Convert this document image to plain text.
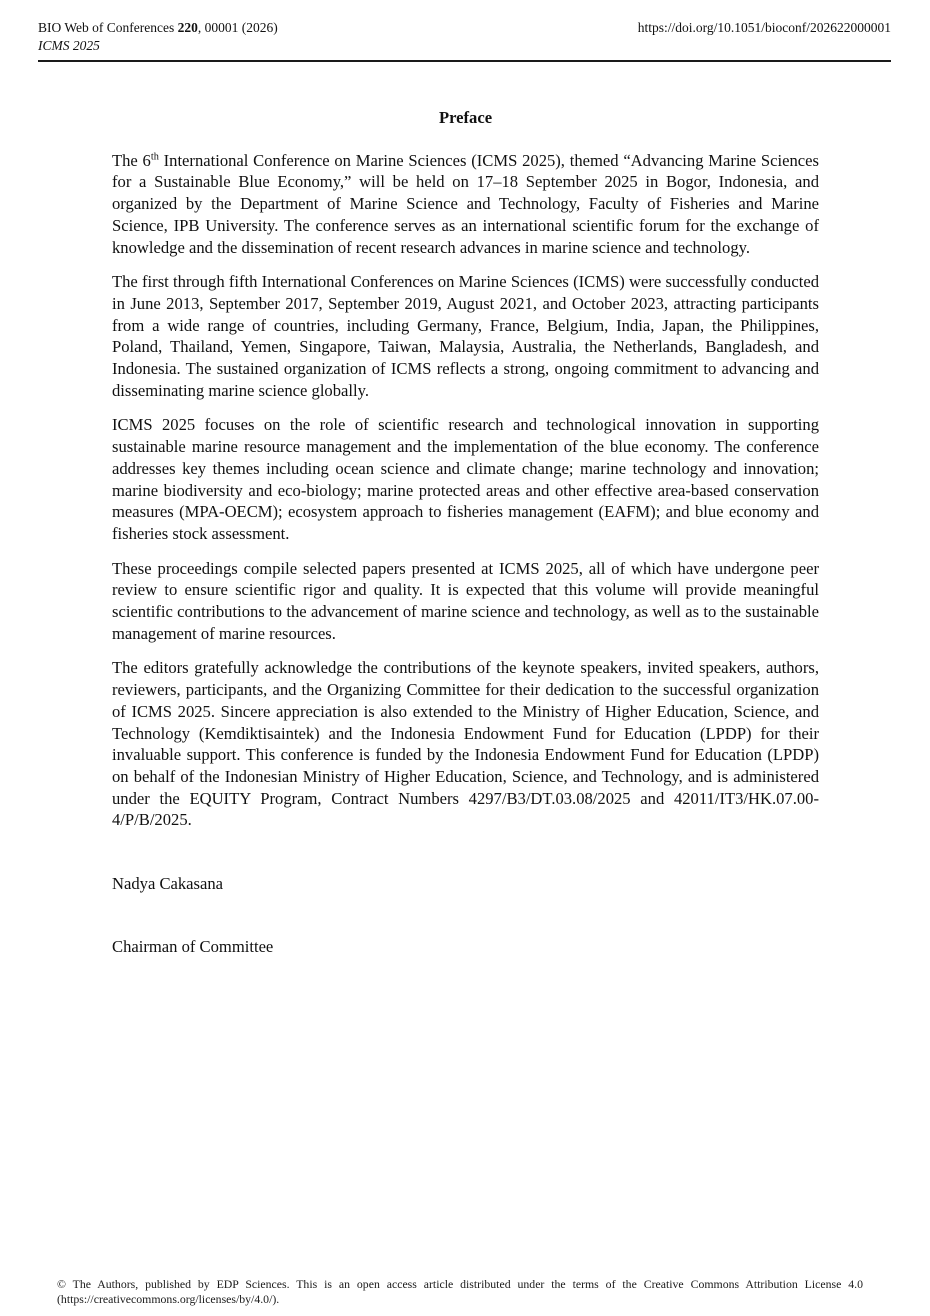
BIO Web of Conferences 220, 00001 (2026)
ICMS 2025
https://doi.org/10.1051/bioconf/202622000001
Preface

The 6th International Conference on Marine Sciences (ICMS 2025), themed “Advancing Marine Sciences for a Sustainable Blue Economy,” will be held on 17–18 September 2025 in Bogor, Indonesia, and organized by the Department of Marine Science and Technology, Faculty of Fisheries and Marine Science, IPB University. The conference serves as an international scientific forum for the exchange of knowledge and the dissemination of recent research advances in marine science and technology.

The first through fifth International Conferences on Marine Sciences (ICMS) were successfully conducted in June 2013, September 2017, September 2019, August 2021, and October 2023, attracting participants from a wide range of countries, including Germany, France, Belgium, India, Japan, the Philippines, Poland, Thailand, Yemen, Singapore, Taiwan, Malaysia, Australia, the Netherlands, Bangladesh, and Indonesia. The sustained organization of ICMS reflects a strong, ongoing commitment to advancing and disseminating marine science globally.

ICMS 2025 focuses on the role of scientific research and technological innovation in supporting sustainable marine resource management and the implementation of the blue economy. The conference addresses key themes including ocean science and climate change; marine technology and innovation; marine biodiversity and eco-biology; marine protected areas and other effective area-based conservation measures (MPA-OECM); ecosystem approach to fisheries management (EAFM); and blue economy and fisheries stock assessment.

These proceedings compile selected papers presented at ICMS 2025, all of which have undergone peer review to ensure scientific rigor and quality. It is expected that this volume will provide meaningful scientific contributions to the advancement of marine science and technology, as well as to the sustainable management of marine resources.

The editors gratefully acknowledge the contributions of the keynote speakers, invited speakers, authors, reviewers, participants, and the Organizing Committee for their dedication to the successful organization of ICMS 2025. Sincere appreciation is also extended to the Ministry of Higher Education, Science, and Technology (Kemdiktisaintek) and the Indonesia Endowment Fund for Education (LPDP) for their invaluable support. This conference is funded by the Indonesia Endowment Fund for Education (LPDP) on behalf of the Indonesian Ministry of Higher Education, Science, and Technology, and is administered under the EQUITY Program, Contract Numbers 4297/B3/DT.03.08/2025 and 42011/IT3/HK.07.00-4/P/B/2025.

Nadya Cakasana

Chairman of Committee

© The Authors, published by EDP Sciences. This is an open access article distributed under the terms of the Creative Commons Attribution License 4.0 (https://creativecommons.org/licenses/by/4.0/).
